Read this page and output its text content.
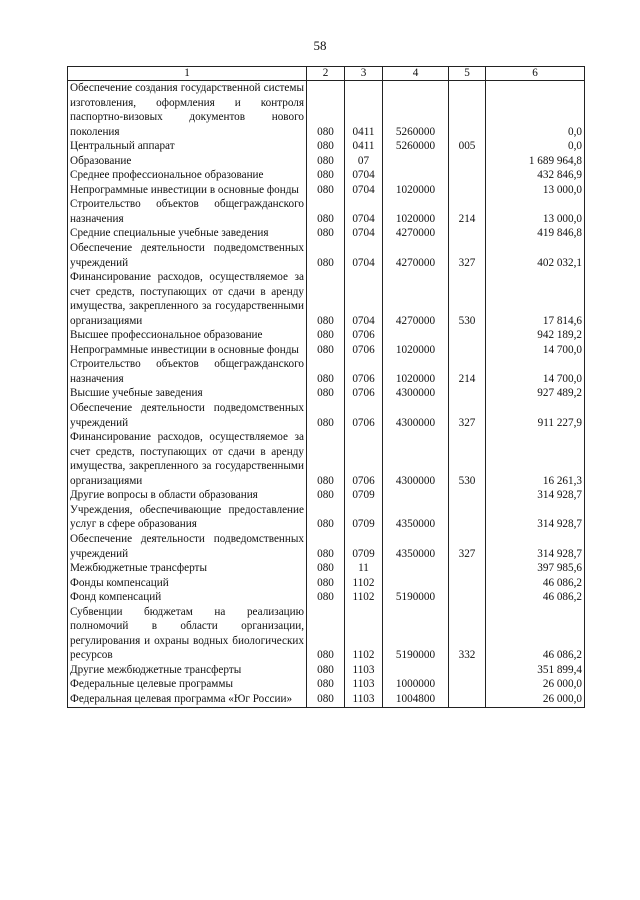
58
1	2	3	4	5	6
Обеспечение создания государственной системы изготовления, оформления и контроля паспортно-визовых документов нового поколения	080	0411	5260000		0,0
Центральный аппарат	080	0411	5260000	005	0,0
Образование	080	07			1 689 964,8
Среднее профессиональное образование	080	0704			432 846,9
Непрограммные инвестиции в основные фонды	080	0704	1020000		13 000,0
Строительство объектов общегражданского назначения	080	0704	1020000	214	13 000,0
Средние специальные учебные заведения	080	0704	4270000		419 846,8
Обеспечение деятельности подведомственных учреждений	080	0704	4270000	327	402 032,1
Финансирование расходов, осуществляемое за счет средств, поступающих от сдачи в аренду имущества, закрепленного за государственными организациями	080	0704	4270000	530	17 814,6
Высшее профессиональное образование	080	0706			942 189,2
Непрограммные инвестиции в основные фонды	080	0706	1020000		14 700,0
Строительство объектов общегражданского назначения	080	0706	1020000	214	14 700,0
Высшие учебные заведения	080	0706	4300000		927 489,2
Обеспечение деятельности подведомственных учреждений	080	0706	4300000	327	911 227,9
Финансирование расходов, осуществляемое за счет средств, поступающих от сдачи в аренду имущества, закрепленного за государственными организациями	080	0706	4300000	530	16 261,3
Другие вопросы в области образования	080	0709			314 928,7
Учреждения, обеспечивающие предоставление услуг в сфере образования	080	0709	4350000		314 928,7
Обеспечение деятельности подведомственных учреждений	080	0709	4350000	327	314 928,7
Межбюджетные трансферты	080	11			397 985,6
Фонды компенсаций	080	1102			46 086,2
Фонд компенсаций	080	1102	5190000		46 086,2
Субвенции бюджетам на реализацию полномочий в области организации, регулирования и охраны водных биологических ресурсов	080	1102	5190000	332	46 086,2
Другие межбюджетные трансферты	080	1103			351 899,4
Федеральные целевые программы	080	1103	1000000		26 000,0
Федеральная целевая программа «Юг России»	080	1103	1004800		26 000,0
